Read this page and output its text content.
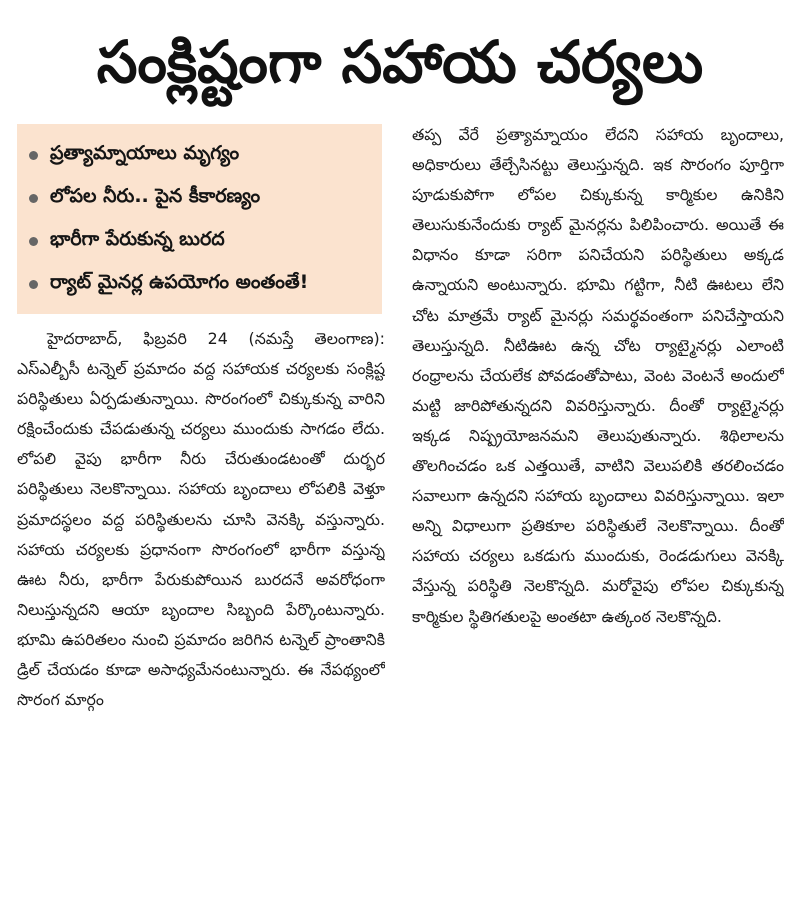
సంక్లిష్టంగా సహాయ చర్యలు
ప్రత్యామ్నాయాలు మృగ్యం
లోపల నీరు.. పైన కీకారణ్యం
భారీగా పేరుకున్న బురద
ర్యాట్ మైనర్ల ఉపయోగం అంతంతే!

హైదరాబాద్, ఫిబ్రవరి 24 (నమస్తే తెలంగాణ): ఎస్ఎల్బీసీ టన్నెల్ ప్రమాదం వద్ద సహాయక చర్యలకు సంక్లిష్ట పరిస్థితులు ఏర్పడుతున్నాయి. సొరంగంలో చిక్కుకున్న వారిని రక్షించేందుకు చేపడుతున్న చర్యలు ముందుకు సాగడం లేదు. లోపలి వైపు భారీగా నీరు చేరుతుండటంతో దుర్భర పరిస్థితులు నెలకొన్నాయి. సహాయ బృందాలు లోపలికి వెళ్తూ ప్రమాదస్థలం వద్ద పరిస్థితులను చూసి వెనక్కి వస్తున్నారు. సహాయ చర్యలకు ప్రధానంగా సొరంగంలో భారీగా వస్తున్న ఊట నీరు, భారీగా పేరుకుపోయిన బురదనే అవరోధంగా నిలుస్తున్నదని ఆయా బృందాల సిబ్బంది పేర్కొంటున్నారు. భూమి ఉపరితలం నుంచి ప్రమాదం జరిగిన టన్నెల్ ప్రాంతానికి డ్రిల్ చేయడం కూడా అసాధ్యమేనంటున్నారు. ఈ నేపథ్యంలో సొరంగ మార్గం

తప్ప వేరే ప్రత్యామ్నాయం లేదని సహాయ బృందాలు, అధికారులు తేల్చేసినట్టు తెలుస్తున్నది. ఇక సొరంగం పూర్తిగా పూడుకుపోగా లోపల చిక్కుకున్న కార్మికుల ఉనికిని తెలుసుకునేందుకు ర్యాట్ మైనర్లను పిలిపించారు. అయితే ఈ విధానం కూడా సరిగా పనిచేయని పరిస్థితులు అక్కడ ఉన్నాయని అంటున్నారు. భూమి గట్టిగా, నీటి ఊటలు లేని చోట మాత్రమే ర్యాట్ మైనర్లు సమర్థవంతంగా పనిచేస్తాయని తెలుస్తున్నది. నీటిఊట ఉన్న చోట ర్యాట్మైనర్లు ఎలాంటి రంధ్రాలను చేయలేక పోవడంతోపాటు, వెంట వెంటనే అందులో మట్టి జారిపోతున్నదని వివరిస్తున్నారు. దీంతో ర్యాట్మైనర్లు ఇక్కడ నిష్ప్రయోజనమని తెలుపుతున్నారు. శిథిలాలను తొలగించడం ఒక ఎత్తయితే, వాటిని వెలుపలికి తరలించడం సవాలుగా ఉన్నదని సహాయ బృందాలు వివరిస్తున్నాయి. ఇలా అన్ని విధాలుగా ప్రతికూల పరిస్థితులే నెలకొన్నాయి. దీంతో సహాయ చర్యలు ఒకడుగు ముందుకు, రెండడుగులు వెనక్కి వేస్తున్న పరిస్థితి నెలకొన్నది. మరోవైపు లోపల చిక్కుకున్న కార్మికుల స్థితిగతులపై అంతటా ఉత్కంఠ నెలకొన్నది.
